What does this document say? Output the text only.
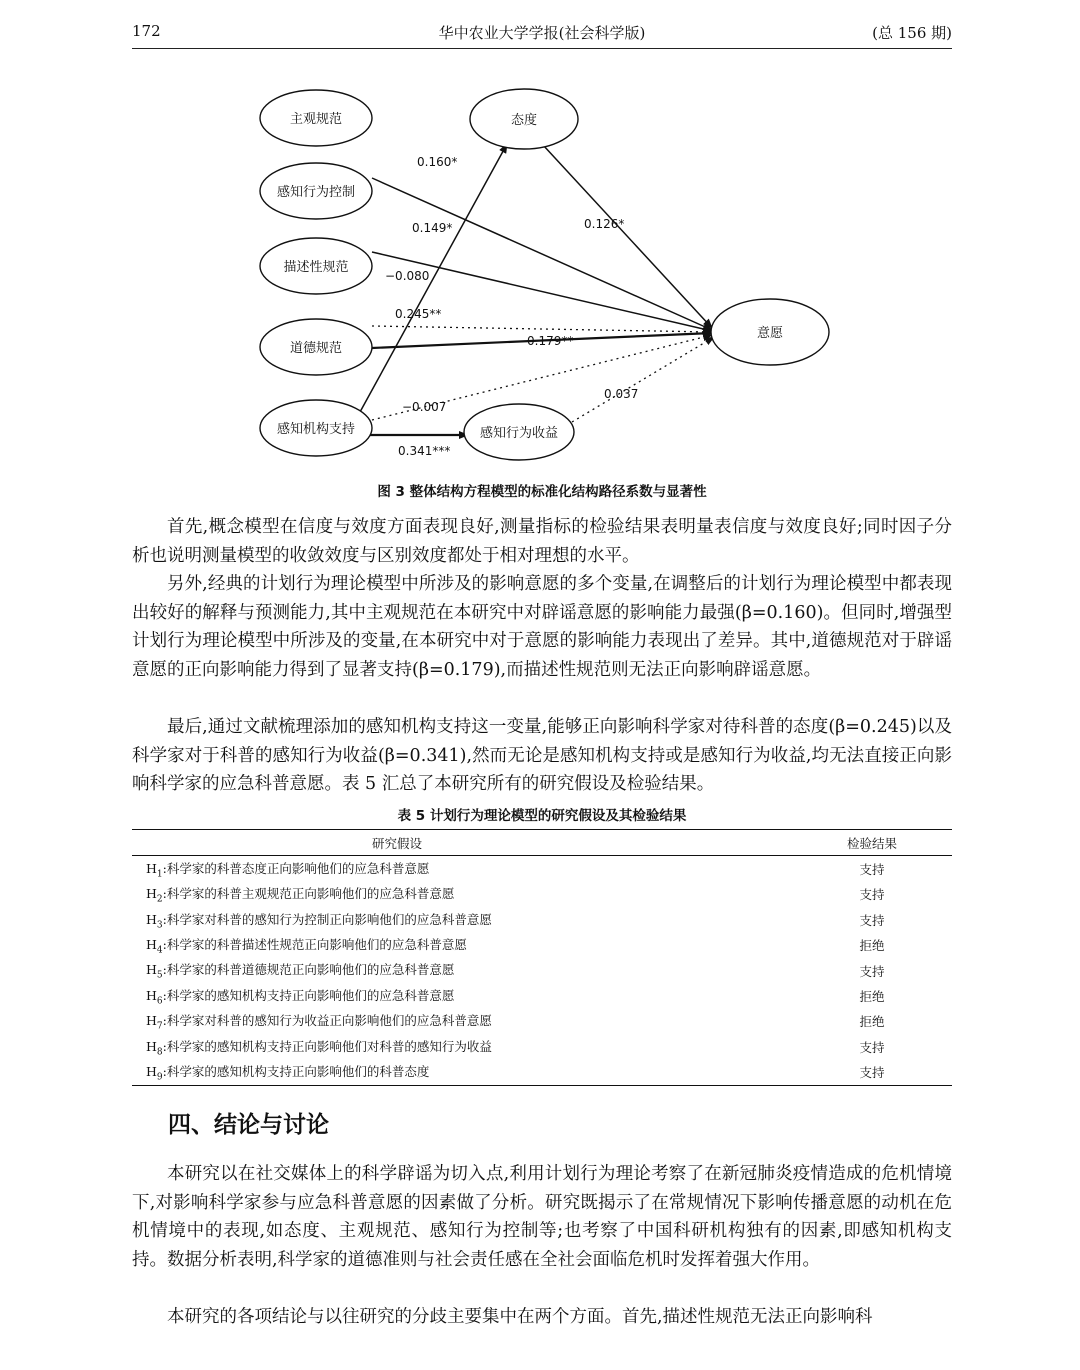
172	华中农业大学学报(社会科学版)	(总 156 期)
主观规范	态度
感知行为控制
描述性规范
道德规范
意愿
感知机构支持	感知行为收益
0.160*
0.126*
0.149*
−0.080
0.245**
0.179**
−0.007
0.037
0.341***
图 3 整体结构方程模型的标准化结构路径系数与显著性

首先,概念模型在信度与效度方面表现良好,测量指标的检验结果表明量表信度与效度良好;同时因子分析也说明测量模型的收敛效度与区别效度都处于相对理想的水平。

另外,经典的计划行为理论模型中所涉及的影响意愿的多个变量,在调整后的计划行为理论模型中都表现出较好的解释与预测能力,其中主观规范在本研究中对辟谣意愿的影响能力最强(β=0.160)。但同时,增强型计划行为理论模型中所涉及的变量,在本研究中对于意愿的影响能力表现出了差异。其中,道德规范对于辟谣意愿的正向影响能力得到了显著支持(β=0.179),而描述性规范则无法正向影响辟谣意愿。

最后,通过文献梳理添加的感知机构支持这一变量,能够正向影响科学家对待科普的态度(β=0.245)以及科学家对于科普的感知行为收益(β=0.341),然而无论是感知机构支持或是感知行为收益,均无法直接正向影响科学家的应急科普意愿。表 5 汇总了本研究所有的研究假设及检验结果。

表 5 计划行为理论模型的研究假设及其检验结果
研究假设	检验结果
$H_1$:科学家的科普态度正向影响他们的应急科普意愿	支持
$H_2$:科学家的科普主观规范正向影响他们的应急科普意愿	支持
$H_3$:科学家对科普的感知行为控制正向影响他们的应急科普意愿	支持
$H_4$:科学家的科普描述性规范正向影响他们的应急科普意愿	拒绝
$H_5$:科学家的科普道德规范正向影响他们的应急科普意愿	支持
$H_6$:科学家的感知机构支持正向影响他们的应急科普意愿	拒绝
$H_7$:科学家对科普的感知行为收益正向影响他们的应急科普意愿	拒绝
$H_8$:科学家的感知机构支持正向影响他们对科普的感知行为收益	支持
$H_9$:科学家的感知机构支持正向影响他们的科普态度	支持
四、结论与讨论

本研究以在社交媒体上的科学辟谣为切入点,利用计划行为理论考察了在新冠肺炎疫情造成的危机情境下,对影响科学家参与应急科普意愿的因素做了分析。研究既揭示了在常规情况下影响传播意愿的动机在危机情境中的表现,如态度、主观规范、感知行为控制等;也考察了中国科研机构独有的因素,即感知机构支持。数据分析表明,科学家的道德准则与社会责任感在全社会面临危机时发挥着强大作用。

本研究的各项结论与以往研究的分歧主要集中在两个方面。首先,描述性规范无法正向影响科
